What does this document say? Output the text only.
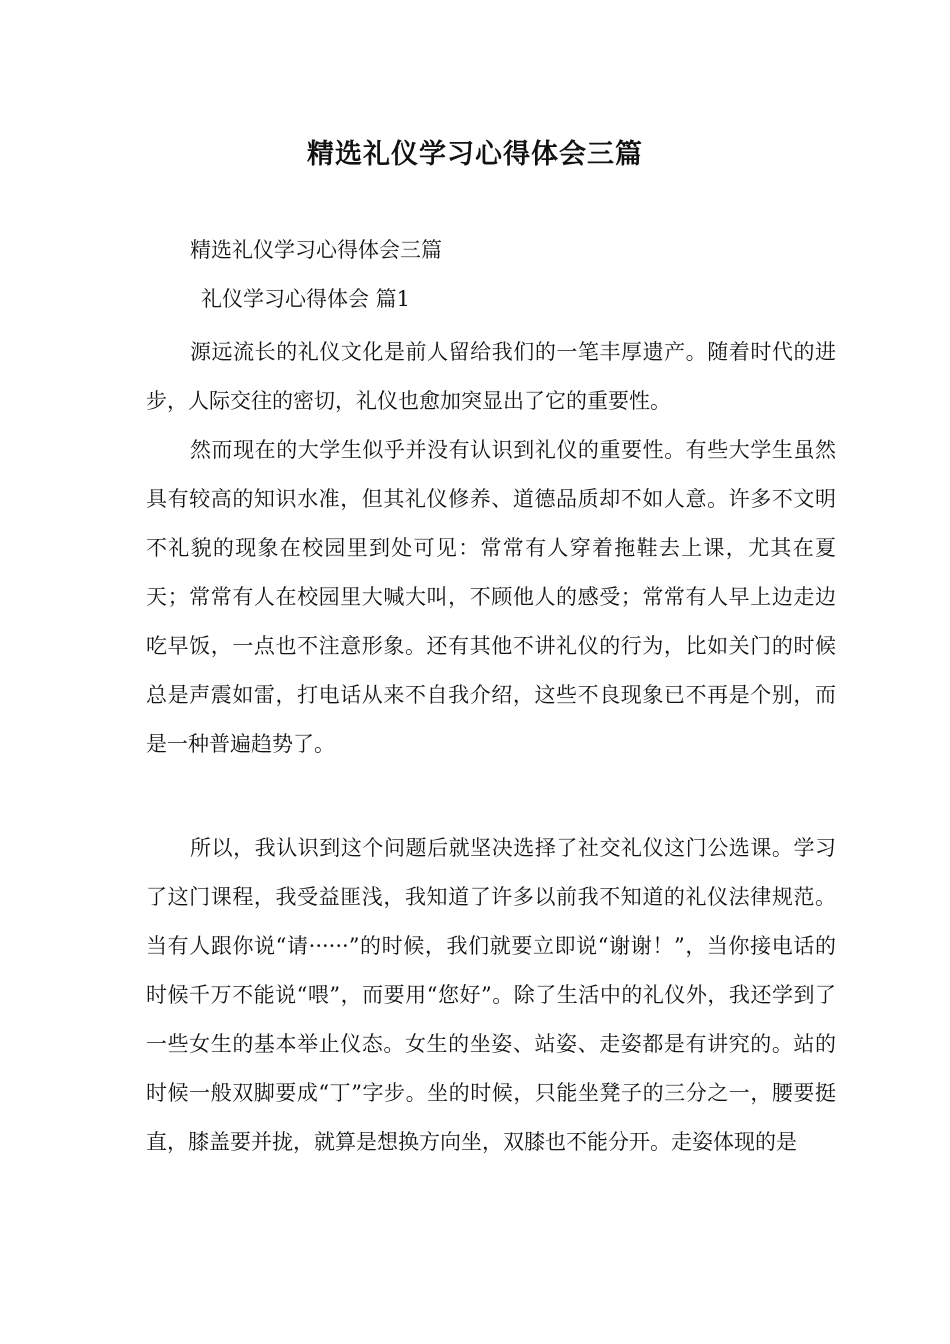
精选礼仪学习心得体会三篇

精选礼仪学习心得体会三篇

礼仪学习心得体会 篇1

源远流长的礼仪文化是前人留给我们的一笔丰厚遗产。随着时代的进步，人际交往的密切，礼仪也愈加突显出了它的重要性。

然而现在的大学生似乎并没有认识到礼仪的重要性。有些大学生虽然具有较高的知识水准，但其礼仪修养、道德品质却不如人意。许多不文明不礼貌的现象在校园里到处可见：常常有人穿着拖鞋去上课，尤其在夏天；常常有人在校园里大喊大叫，不顾他人的感受；常常有人早上边走边吃早饭，一点也不注意形象。还有其他不讲礼仪的行为，比如关门的时候总是声震如雷，打电话从来不自我介绍，这些不良现象已不再是个别，而是一种普遍趋势了。

所以，我认识到这个问题后就坚决选择了社交礼仪这门公选课。学习了这门课程，我受益匪浅，我知道了许多以前我不知道的礼仪法律规范。当有人跟你说“请······”的时候，我们就要立即说“谢谢！”，当你接电话的时候千万不能说“喂”，而要用“您好”。除了生活中的礼仪外，我还学到了一些女生的基本举止仪态。女生的坐姿、站姿、走姿都是有讲究的。站的时候一般双脚要成“丁”字步。坐的时候，只能坐凳子的三分之一，腰要挺直，膝盖要并拢，就算是想换方向坐，双膝也不能分开。走姿体现的是
